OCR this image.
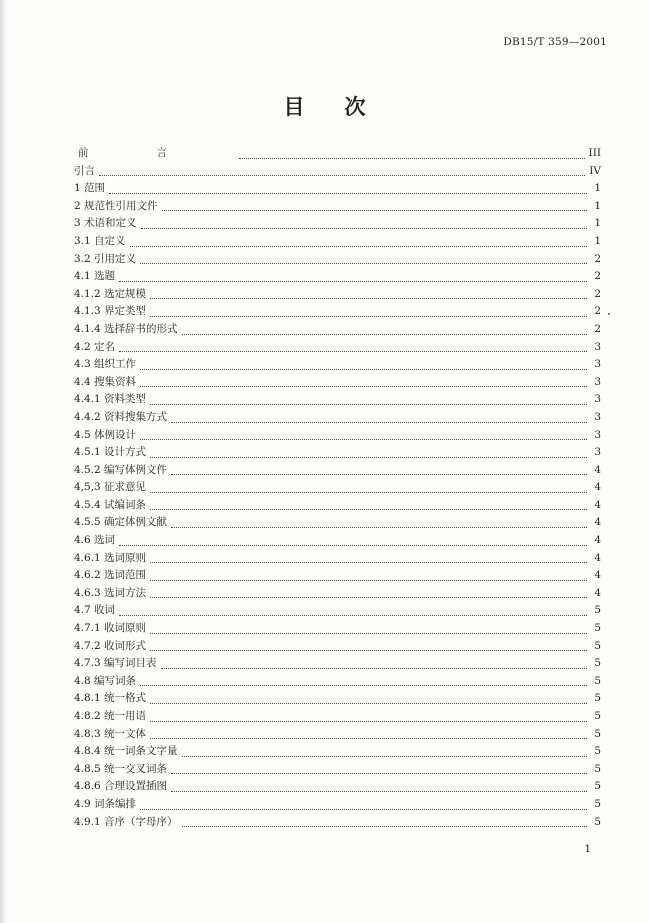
DB15/T 359—2001
目 次
前言	III
引言	IV
1 范围	1
2 规范性引用文件	1
3 术语和定义	1
3.1 自定义	1
3.2 引用定义	2
4.1 选题	2
4.1.2 选定规模	2
4.1.3 界定类型	2
4.1.4 选择辞书的形式	2
4.2 定名	3
4.3 组织工作	3
4.4 搜集资料	3
4.4.1 资料类型	3
4.4.2 资料搜集方式	3
4.5 体例设计	3
4.5.1 设计方式	3
4.5.2 编写体例文件	4
4,5,3 征求意见	4
4.5.4 试编词条	4
4.5.5 确定体例文献	4
4.6 选词	4
4.6.1 选词原则	4
4.6.2 选词范围	4
4.6.3 选词方法	4
4.7 收词	5
4.7.1 收词原则	5
4.7.2 收词形式	5
4.7.3 编写词目表	5
4.8 编写词条	5
4.8.1 统一格式	5
4.8.2 统一用语	5
4.8.3 统一文体	5
4.8.4 统一词条文字量	5
4.8.5 统一交叉词条	5
4.8.6 合理设置插图	5
4.9 词条编排	5
4.9.1 音序（字母序）	5
1
